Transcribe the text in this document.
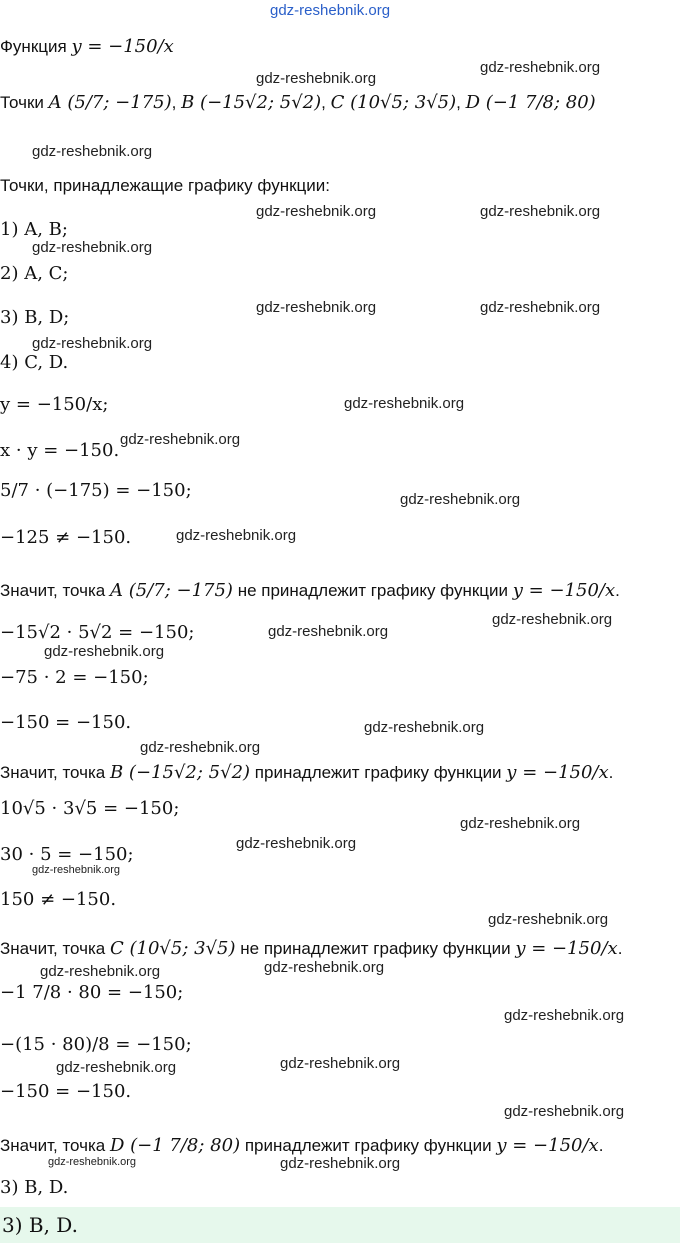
gdz-reshebnik.org
gdz-reshebnik.org
gdz-reshebnik.org
gdz-reshebnik.org
gdz-reshebnik.org	gdz-reshebnik.org
gdz-reshebnik.org
gdz-reshebnik.org	gdz-reshebnik.org
gdz-reshebnik.org
gdz-reshebnik.org
gdz-reshebnik.org
gdz-reshebnik.org
gdz-reshebnik.org
gdz-reshebnik.org
gdz-reshebnik.org
gdz-reshebnik.org
gdz-reshebnik.org
gdz-reshebnik.org
gdz-reshebnik.org
gdz-reshebnik.org
gdz-reshebnik.org
gdz-reshebnik.org
gdz-reshebnik.org	gdz-reshebnik.org
gdz-reshebnik.org
gdz-reshebnik.org	gdz-reshebnik.org
gdz-reshebnik.org
gdz-reshebnik.org	gdz-reshebnik.org
Функция y = −150/x
Точки A (5/7; −175), B (−15√2; 5√2), C (10√5; 3√5), D (−1 7/8; 80)
Точки, принадлежащие графику функции:
1) A, B;
2) A, C;
3) B, D;
4) C, D.
y = −150/x;
x · y = −150.
5/7 · (−175) = −150;
−125 ≠ −150.
Значит, точка A (5/7; −175) не принадлежит графику функции y = −150/x.
−15√2 · 5√2 = −150;
−75 · 2 = −150;
−150 = −150.
Значит, точка B (−15√2; 5√2) принадлежит графику функции y = −150/x.
10√5 · 3√5 = −150;
30 · 5 = −150;
150 ≠ −150.
Значит, точка C (10√5; 3√5) не принадлежит графику функции y = −150/x.
−1 7/8 · 80 = −150;
−(15 · 80)/8 = −150;
−150 = −150.
Значит, точка D (−1 7/8; 80) принадлежит графику функции y = −150/x.
3) B, D.
3) B, D.
